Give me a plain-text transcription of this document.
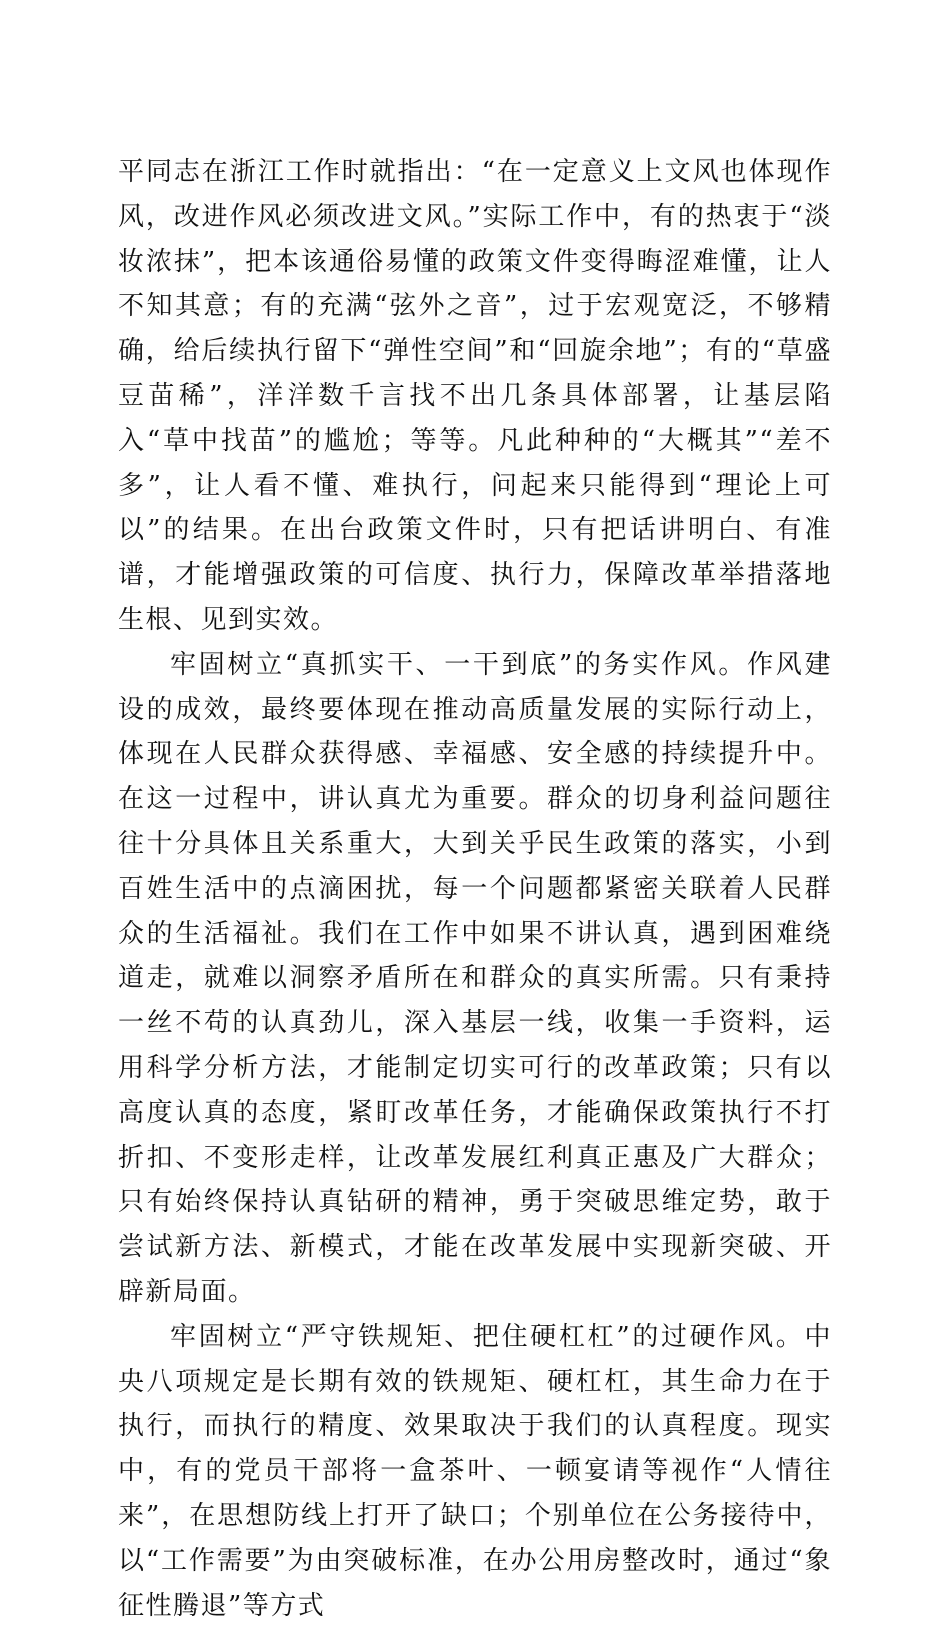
平同志在浙江工作时就指出：“在一定意义上文风也体现作风，改进作风必须改进文风。”实际工作中，有的热衷于“淡妆浓抹”，把本该通俗易懂的政策文件变得晦涩难懂，让人不知其意；有的充满“弦外之音”，过于宏观宽泛，不够精确，给后续执行留下“弹性空间”和“回旋余地”；有的“草盛豆苗稀”，洋洋数千言找不出几条具体部署，让基层陷入“草中找苗”的尴尬；等等。凡此种种的“大概其”“差不多”，让人看不懂、难执行，问起来只能得到“理论上可以”的结果。在出台政策文件时，只有把话讲明白、有准谱，才能增强政策的可信度、执行力，保障改革举措落地生根、见到实效。

牢固树立“真抓实干、一干到底”的务实作风。作风建设的成效，最终要体现在推动高质量发展的实际行动上，体现在人民群众获得感、幸福感、安全感的持续提升中。在这一过程中，讲认真尤为重要。群众的切身利益问题往往十分具体且关系重大，大到关乎民生政策的落实，小到百姓生活中的点滴困扰，每一个问题都紧密关联着人民群众的生活福祉。我们在工作中如果不讲认真，遇到困难绕道走，就难以洞察矛盾所在和群众的真实所需。只有秉持一丝不苟的认真劲儿，深入基层一线，收集一手资料，运用科学分析方法，才能制定切实可行的改革政策；只有以高度认真的态度，紧盯改革任务，才能确保政策执行不打折扣、不变形走样，让改革发展红利真正惠及广大群众；只有始终保持认真钻研的精神，勇于突破思维定势，敢于尝试新方法、新模式，才能在改革发展中实现新突破、开辟新局面。

牢固树立“严守铁规矩、把住硬杠杠”的过硬作风。中央八项规定是长期有效的铁规矩、硬杠杠，其生命力在于执行，而执行的精度、效果取决于我们的认真程度。现实中，有的党员干部将一盒茶叶、一顿宴请等视作“人情往来”，在思想防线上打开了缺口；个别单位在公务接待中，以“工作需要”为由突破标准，在办公用房整改时，通过“象征性腾退”等方式
